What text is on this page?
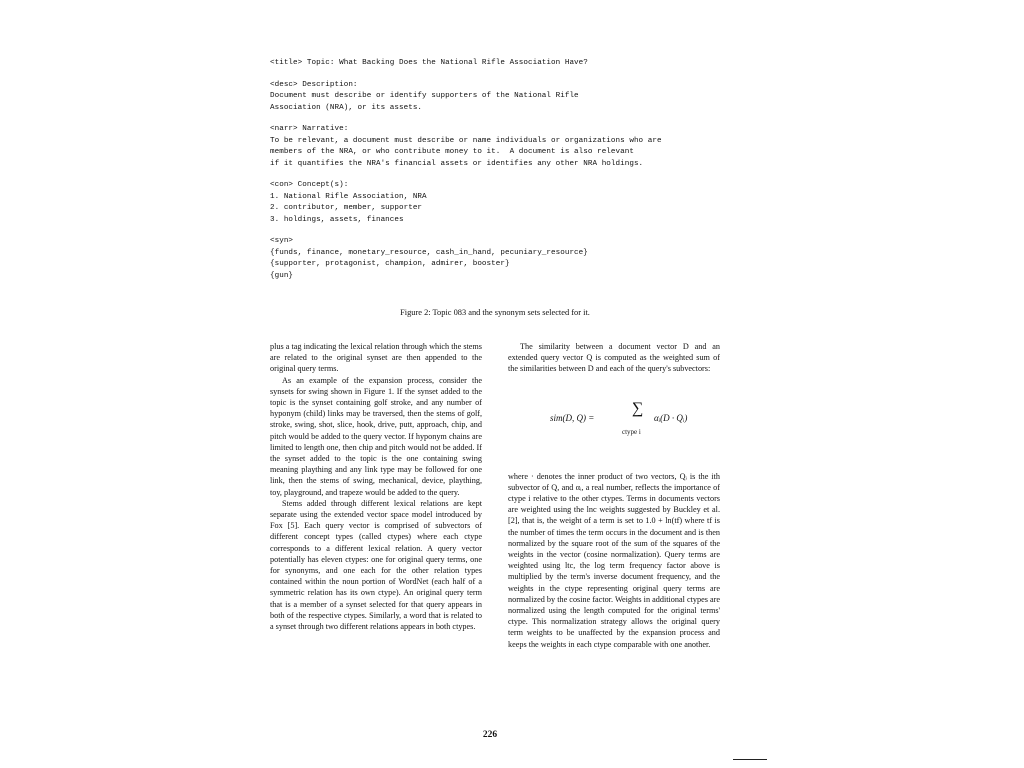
<title> Topic: What Backing Does the National Rifle Association Have?
<desc> Description:
Document must describe or identify supporters of the National Rifle
Association (NRA), or its assets.
<narr> Narrative:
To be relevant, a document must describe or name individuals or organizations who are
members of the NRA, or who contribute money to it.  A document is also relevant
if it quantifies the NRA's financial assets or identifies any other NRA holdings.
<con> Concept(s):
1. National Rifle Association, NRA
2. contributor, member, supporter
3. holdings, assets, finances
<syn>
{funds, finance, monetary_resource, cash_in_hand, pecuniary_resource}
{supporter, protagonist, champion, admirer, booster}
{gun}
Figure 2: Topic 083 and the synonym sets selected for it.

plus a tag indicating the lexical relation through which the stems are related to the original synset are then appended to the original query terms.

As an example of the expansion process, consider the synsets for swing shown in Figure 1. If the synset added to the topic is the synset containing golf stroke, and any number of hyponym (child) links may be traversed, then the stems of golf, stroke, swing, shot, slice, hook, drive, putt, approach, chip, and pitch would be added to the query vector. If hyponym chains are limited to length one, then chip and pitch would not be added. If the synset added to the topic is the one containing swing meaning plaything and any link type may be followed for one link, then the stems of swing, mechanical, device, plaything, toy, playground, and trapeze would be added to the query.

Stems added through different lexical relations are kept separate using the extended vector space model introduced by Fox [5]. Each query vector is comprised of subvectors of different concept types (called ctypes) where each ctype corresponds to a different lexical relation. A query vector potentially has eleven ctypes: one for original query terms, one for synonyms, and one each for the other relation types contained within the noun portion of WordNet (each half of a symmetric relation has its own ctype). An original query term that is a member of a synset selected for that query appears in both of the respective ctypes. Similarly, a word that is related to a synset through two different relations appears in both ctypes.

The similarity between a document vector D and an extended query vector Q is computed as the weighted sum of the similarities between D and each of the query's subvectors:

sim(D, Q) =
∑
ctype i
αᵢ(D · Qᵢ)

where · denotes the inner product of two vectors, Qᵢ is the ith subvector of Q, and αᵢ, a real number, reflects the importance of ctype i relative to the other ctypes. Terms in documents vectors are weighted using the lnc weights suggested by Buckley et al. [2], that is, the weight of a term is set to 1.0 + ln(tf) where tf is the number of times the term occurs in the document and is then normalized by the square root of the sum of the squares of the weights in the vector (cosine normalization). Query terms are weighted using ltc, the log term frequency factor above is multiplied by the term's inverse document frequency, and the weights in the ctype representing original query terms are normalized by the cosine factor. Weights in additional ctypes are normalized using the length computed for the original terms' ctype. This normalization strategy allows the original query term weights to be unaffected by the expansion process and keeps the weights in each ctype comparable with one another.

226
